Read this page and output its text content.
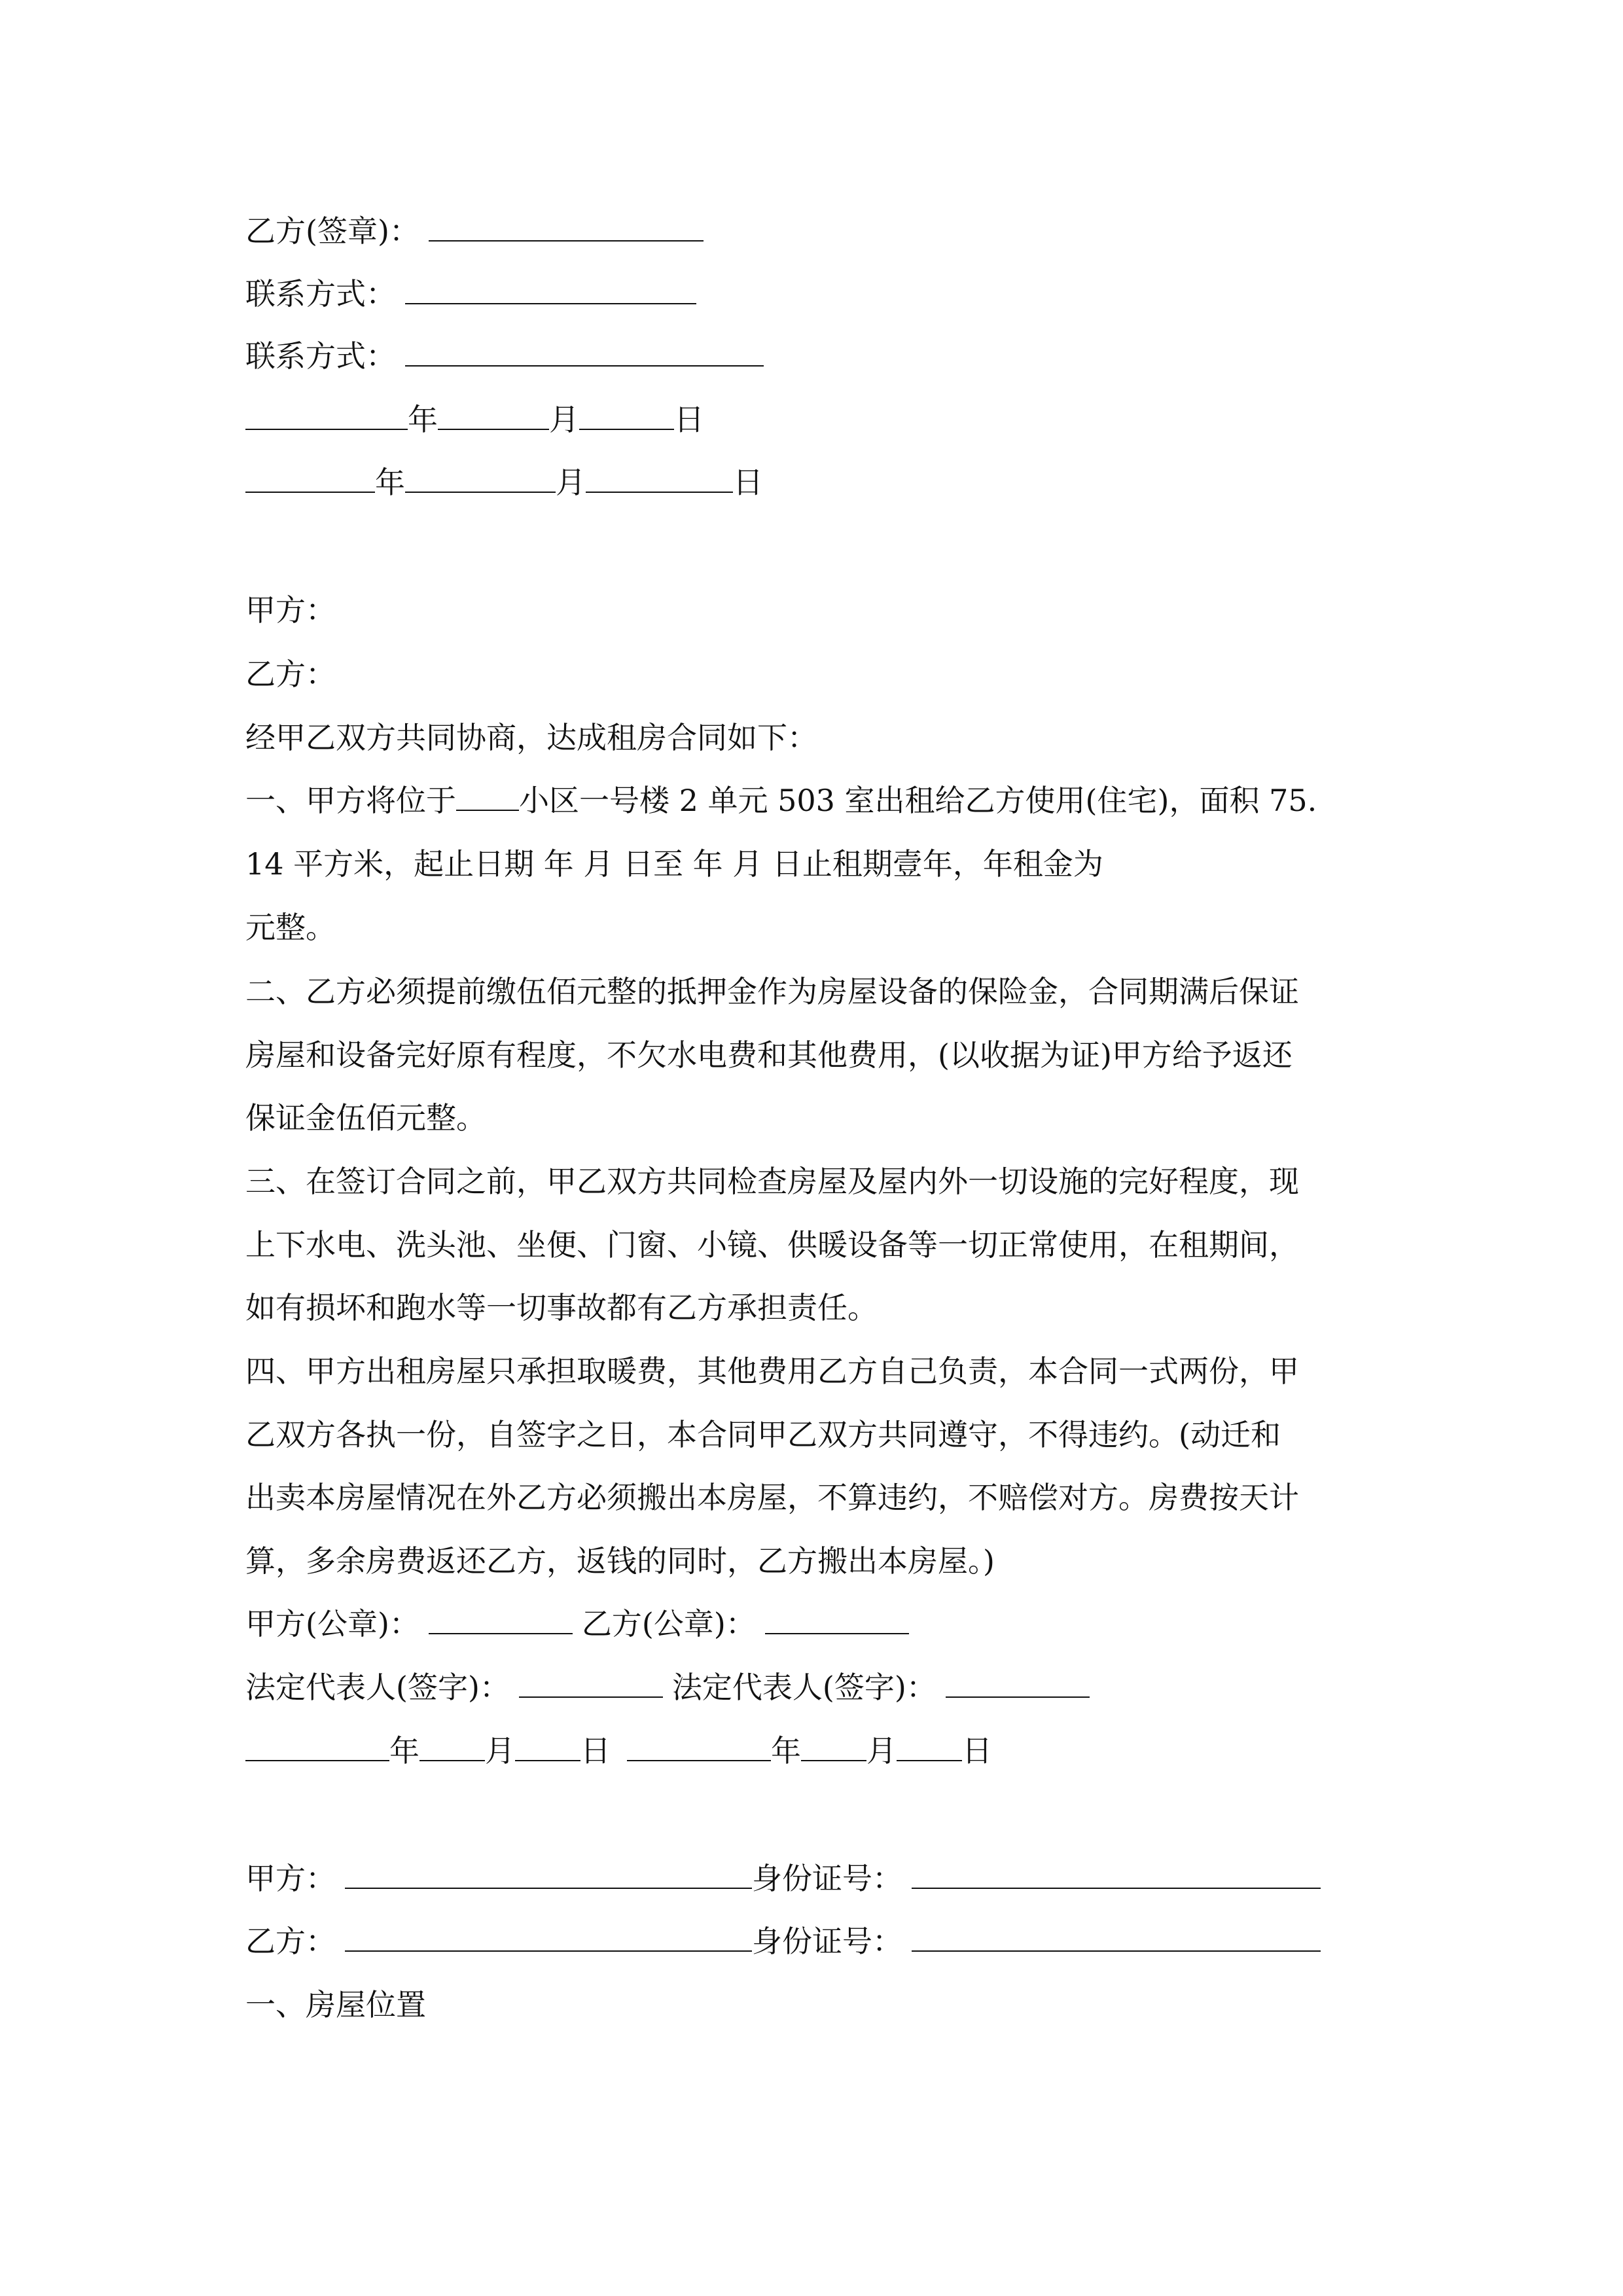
乙方(签章)：
联系方式：
联系方式：
年	月	日
年	月	日
甲方：
乙方：
经甲乙双方共同协商，达成租房合同如下：
一、甲方将位于 小区一号楼 2 单元 503 室出租给乙方使用(住宅)，面积 75.
14 平方米，起止日期 年 月 日至 年 月 日止租期壹年，年租金为
元整。
二、乙方必须提前缴伍佰元整的抵押金作为房屋设备的保险金，合同期满后保证
房屋和设备完好原有程度，不欠水电费和其他费用，(以收据为证)甲方给予返还
保证金伍佰元整。
三、在签订合同之前，甲乙双方共同检查房屋及屋内外一切设施的完好程度，现
上下水电、洗头池、坐便、门窗、小镜、供暖设备等一切正常使用，在租期间，
如有损坏和跑水等一切事故都有乙方承担责任。
四、甲方出租房屋只承担取暖费，其他费用乙方自己负责，本合同一式两份，甲
乙双方各执一份，自签字之日，本合同甲乙双方共同遵守，不得违约。(动迁和
出卖本房屋情况在外乙方必须搬出本房屋，不算违约，不赔偿对方。房费按天计
算，多余房费返还乙方，返钱的同时，乙方搬出本房屋。)
甲方(公章)：	乙方(公章)：
法定代表人(签字)：	法定代表人(签字)：
年 月 日	年 月 日
甲方：	身份证号：
乙方：	身份证号：
一、房屋位置
